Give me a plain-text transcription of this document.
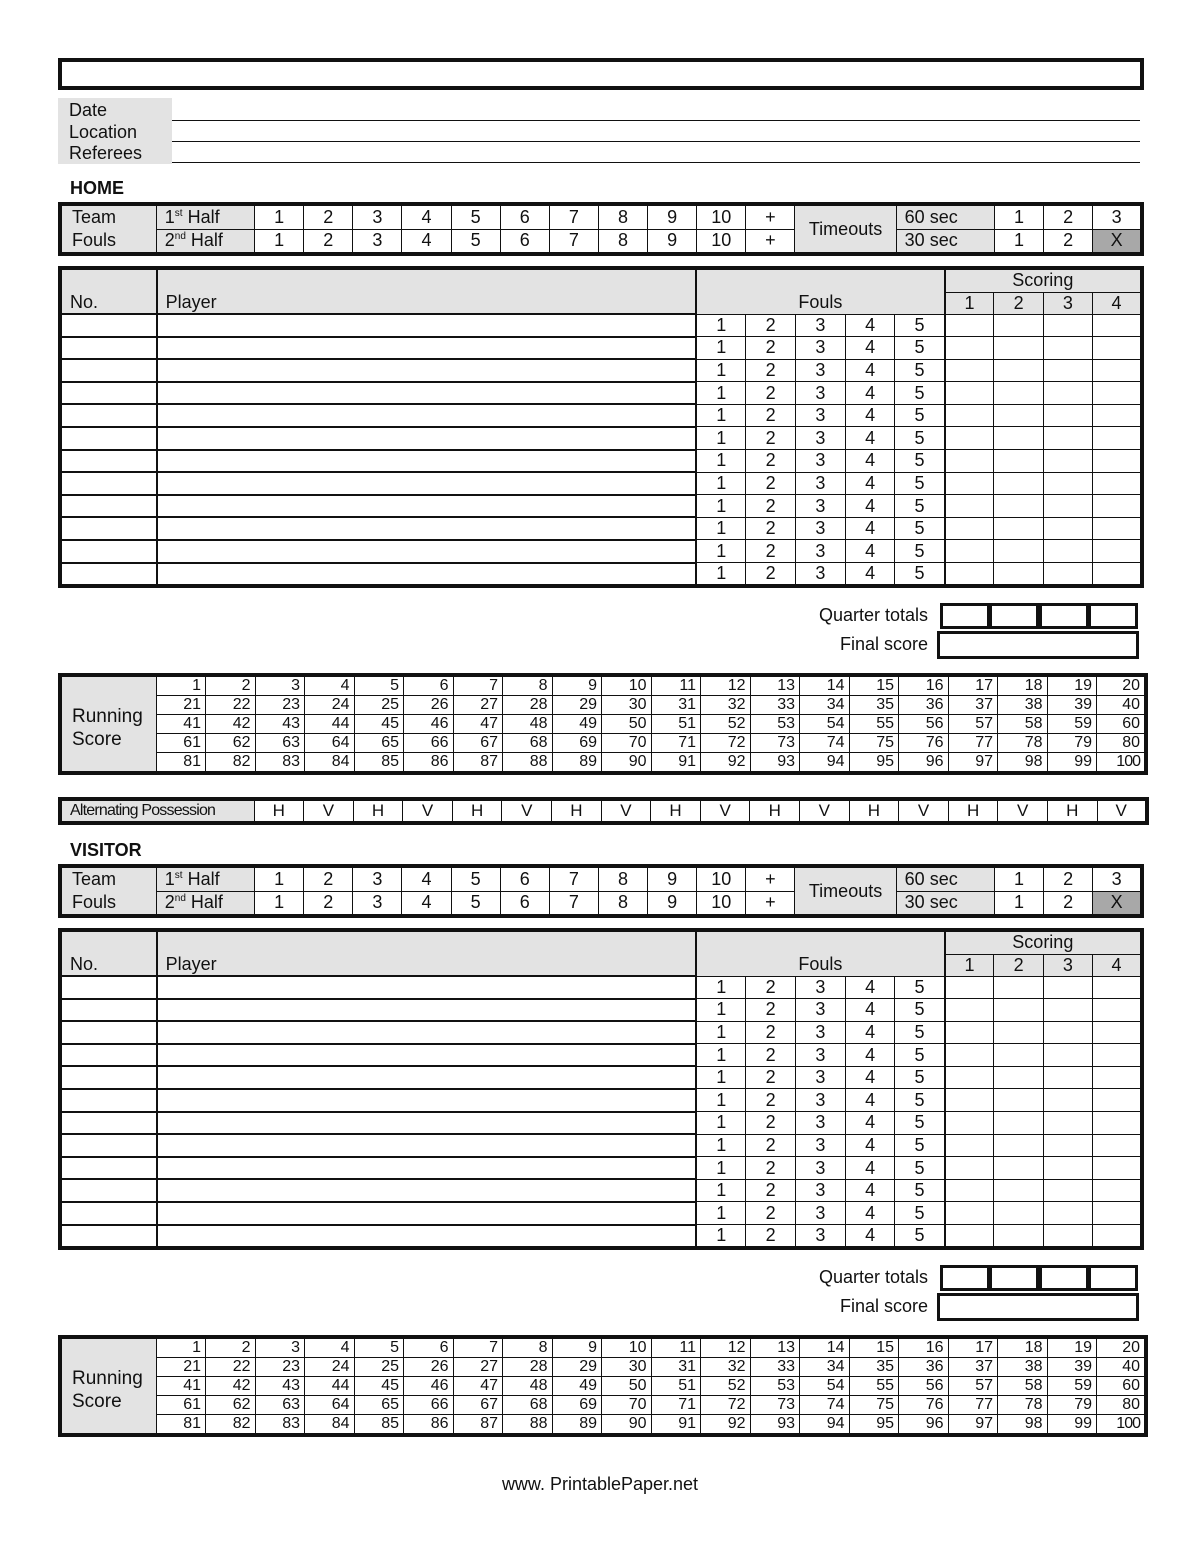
Date
Location
Referees
HOME
Team
Fouls	1st Half	1	2	3	4	5	6	7	8	9	10	+	Timeouts	60 sec	1	2	3
	2nd Half	1	2	3	4	5	6	7	8	9	10	+		30 sec	1	2	X
No.	Player	Fouls					Scoring			
							1	2	3	4
		1	2	3	4	5				
		1	2	3	4	5				
		1	2	3	4	5				
		1	2	3	4	5				
		1	2	3	4	5				
		1	2	3	4	5				
		1	2	3	4	5				
		1	2	3	4	5				
		1	2	3	4	5				
		1	2	3	4	5				
		1	2	3	4	5				
		1	2	3	4	5				
Quarter totals
Final score
Running
Score	1	2	3	4	5	6	7	8	9	10	11	12	13	14	15	16	17	18	19	20
	21	22	23	24	25	26	27	28	29	30	31	32	33	34	35	36	37	38	39	40
	41	42	43	44	45	46	47	48	49	50	51	52	53	54	55	56	57	58	59	60
	61	62	63	64	65	66	67	68	69	70	71	72	73	74	75	76	77	78	79	80
	81	82	83	84	85	86	87	88	89	90	91	92	93	94	95	96	97	98	99	100
Alternating Possession	H	V	H	V	H	V	H	V	H	V	H	V	H	V	H	V	H	V
VISITOR
Team
Fouls	1st Half	1	2	3	4	5	6	7	8	9	10	+	Timeouts	60 sec	1	2	3
	2nd Half	1	2	3	4	5	6	7	8	9	10	+		30 sec	1	2	X
No.	Player	Fouls					Scoring			
							1	2	3	4
		1	2	3	4	5				
		1	2	3	4	5				
		1	2	3	4	5				
		1	2	3	4	5				
		1	2	3	4	5				
		1	2	3	4	5				
		1	2	3	4	5				
		1	2	3	4	5				
		1	2	3	4	5				
		1	2	3	4	5				
		1	2	3	4	5				
		1	2	3	4	5				
Quarter totals
Final score
Running
Score	1	2	3	4	5	6	7	8	9	10	11	12	13	14	15	16	17	18	19	20
	21	22	23	24	25	26	27	28	29	30	31	32	33	34	35	36	37	38	39	40
	41	42	43	44	45	46	47	48	49	50	51	52	53	54	55	56	57	58	59	60
	61	62	63	64	65	66	67	68	69	70	71	72	73	74	75	76	77	78	79	80
	81	82	83	84	85	86	87	88	89	90	91	92	93	94	95	96	97	98	99	100
www. PrintablePaper.net
